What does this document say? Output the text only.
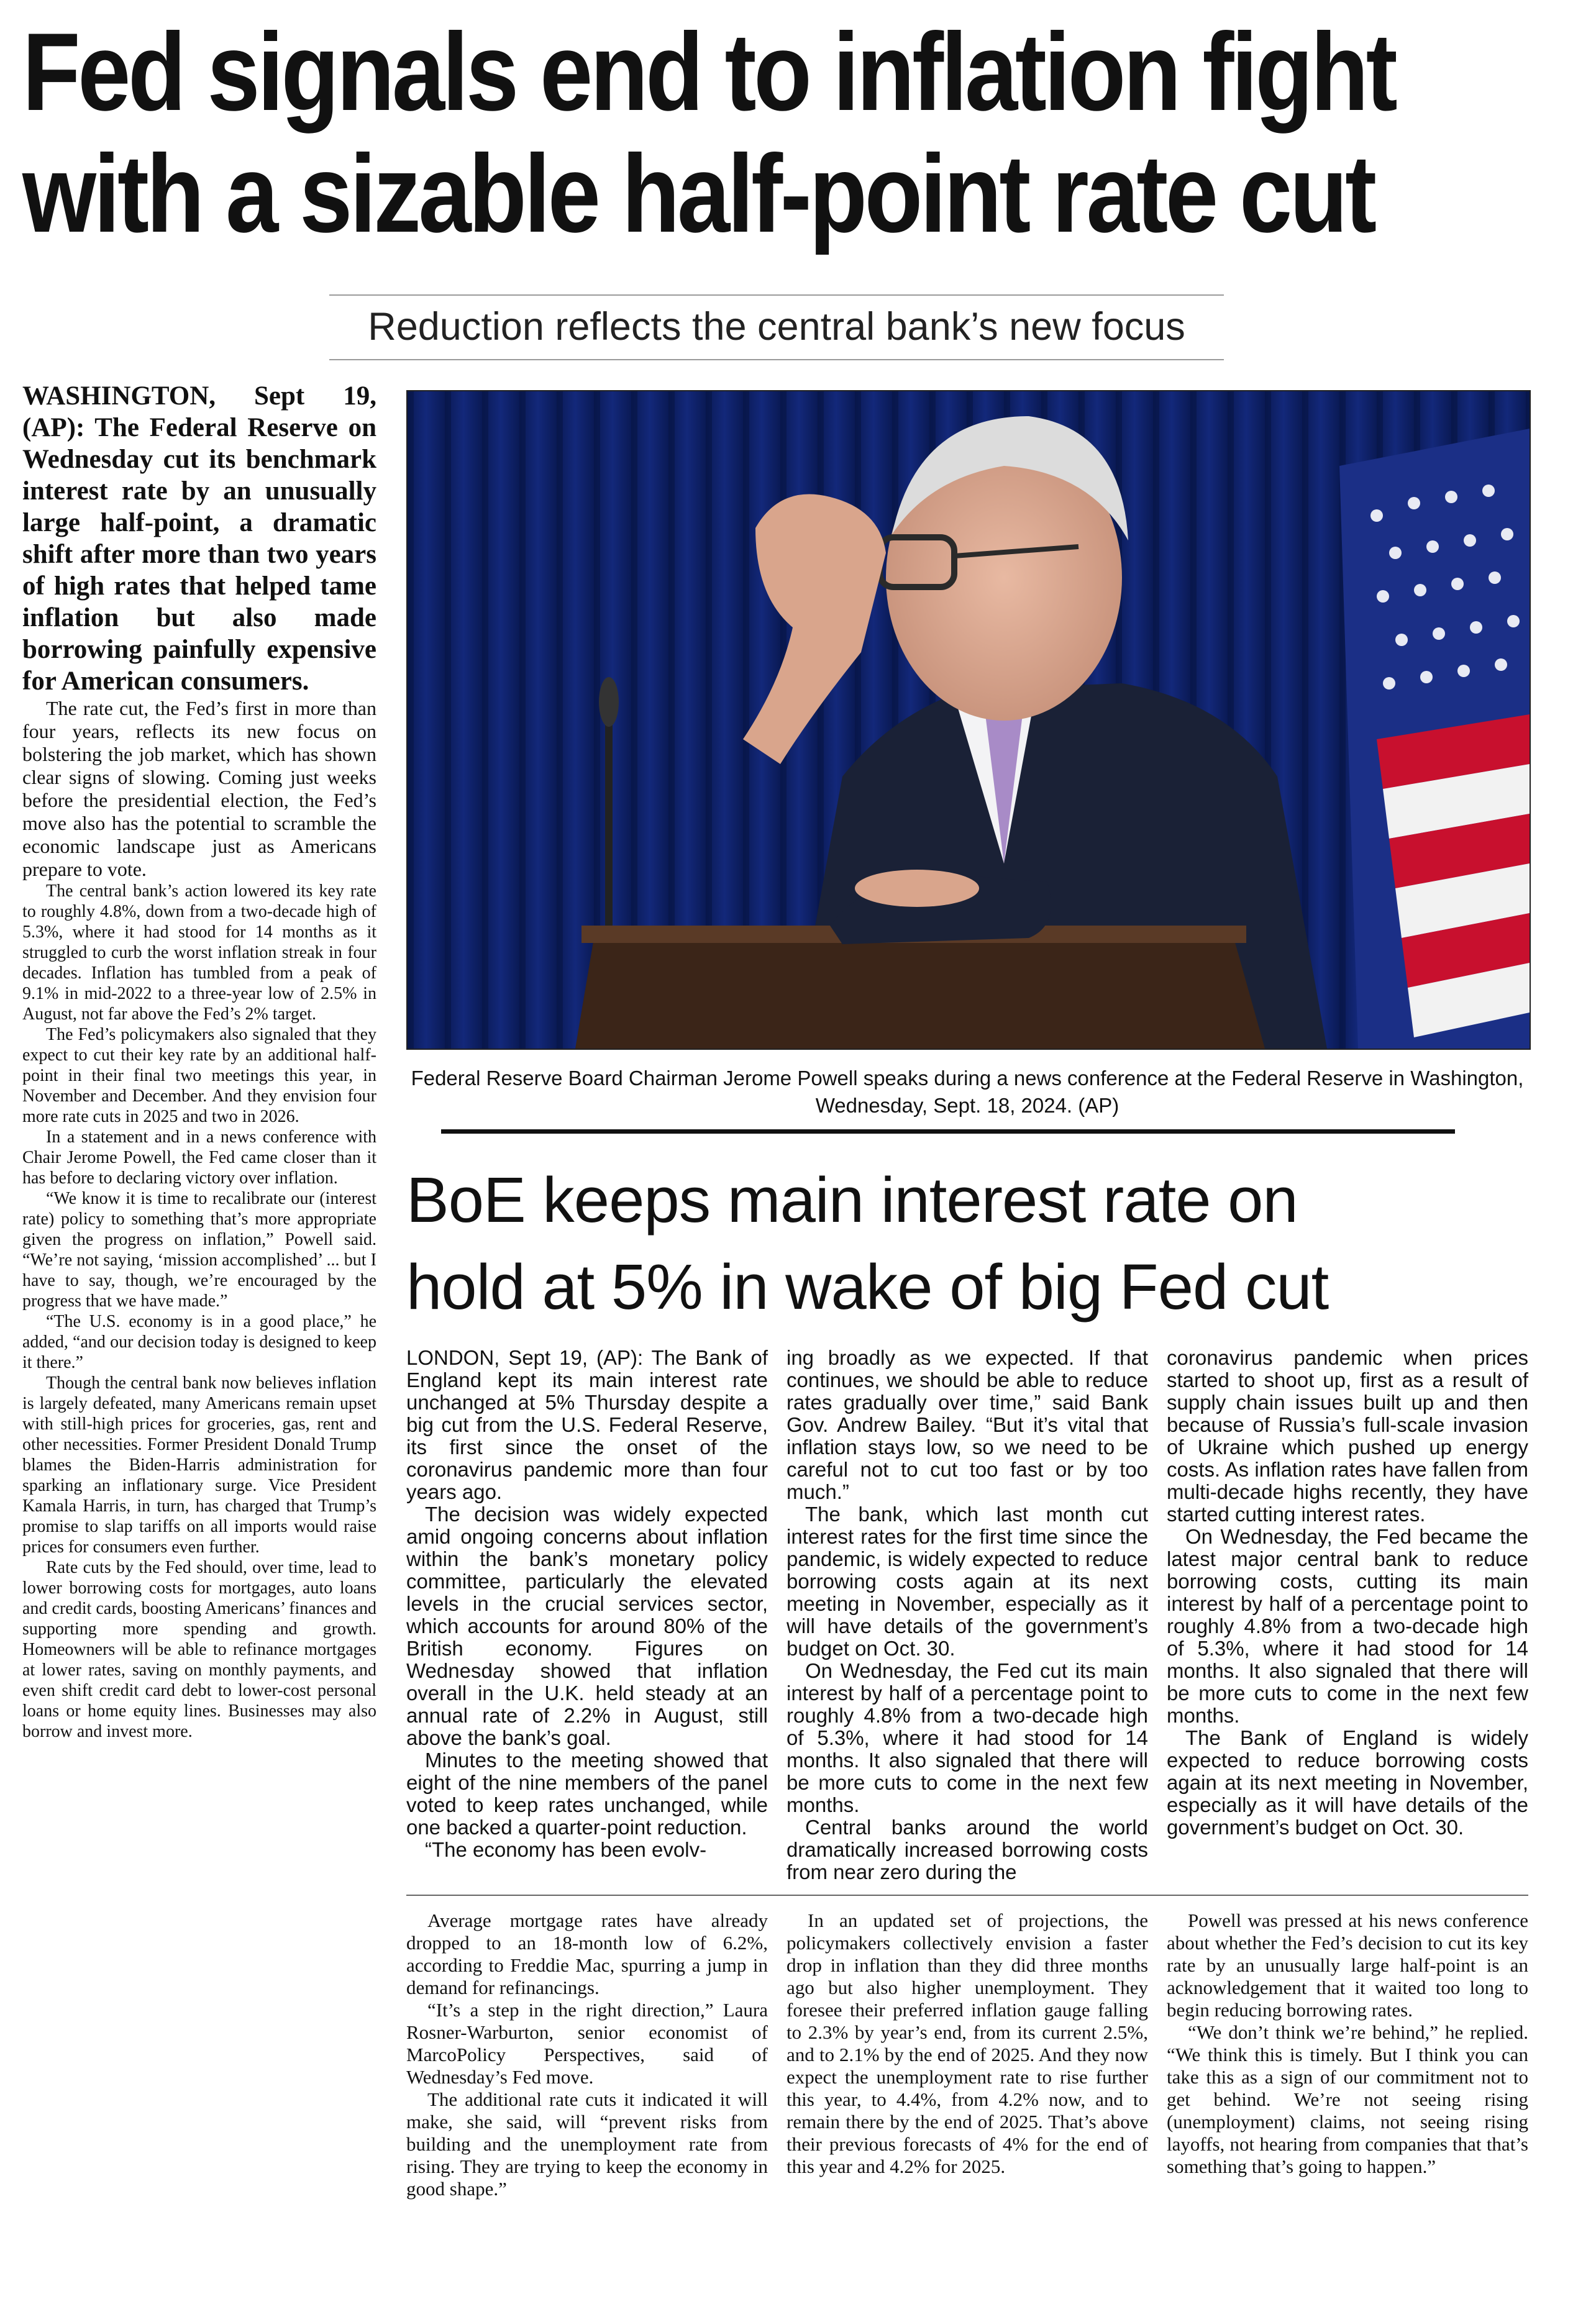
Fed signals end to inflation fight
with a sizable half-point rate cut

Reduction reflects the central bank’s new focus

WASHINGTON, Sept 19, (AP): The Federal Reserve on Wednesday cut its benchmark interest rate by an unusually large half-point, a dramatic shift after more than two years of high rates that helped tame inflation but also made borrowing painfully expensive for American consumers.

The rate cut, the Fed’s first in more than four years, reflects its new focus on bolstering the job market, which has shown clear signs of slowing. Coming just weeks before the presidential election, the Fed’s move also has the potential to scramble the economic landscape just as Americans prepare to vote.

The central bank’s action lowered its key rate to roughly 4.8%, down from a two-decade high of 5.3%, where it had stood for 14 months as it struggled to curb the worst inflation streak in four decades. Inflation has tumbled from a peak of 9.1% in mid-2022 to a three-year low of 2.5% in August, not far above the Fed’s 2% target.

The Fed’s policymakers also signaled that they expect to cut their key rate by an additional half-point in their final two meetings this year, in November and December. And they envision four more rate cuts in 2025 and two in 2026.

In a statement and in a news conference with Chair Jerome Powell, the Fed came closer than it has before to declaring victory over inflation.

“We know it is time to recalibrate our (interest rate) policy to something that’s more appropriate given the progress on inflation,” Powell said. “We’re not saying, ‘mission accomplished’ ... but I have to say, though, we’re encouraged by the progress that we have made.”

“The U.S. economy is in a good place,” he added, “and our decision today is designed to keep it there.”

Though the central bank now believes inflation is largely defeated, many Americans remain upset with still-high prices for groceries, gas, rent and other necessities. Former President Donald Trump blames the Biden-Harris administration for sparking an inflationary surge. Vice President Kamala Harris, in turn, has charged that Trump’s promise to slap tariffs on all imports would raise prices for consumers even further.

Rate cuts by the Fed should, over time, lead to lower borrowing costs for mortgages, auto loans and credit cards, boosting Americans’ finances and supporting more spending and growth. Homeowners will be able to refinance mortgages at lower rates, saving on monthly payments, and even shift credit card debt to lower-cost personal loans or home equity lines. Businesses may also borrow and invest more.

Federal Reserve Board Chairman Jerome Powell speaks during a news conference at the Federal Reserve in Washington, Wednesday, Sept. 18, 2024. (AP)

BoE keeps main interest rate on
hold at 5% in wake of big Fed cut

LONDON, Sept 19, (AP): The Bank of England kept its main interest rate unchanged at 5% Thursday despite a big cut from the U.S. Federal Reserve, its first since the onset of the coronavirus pandemic more than four years ago.

The decision was widely expected amid ongoing concerns about inflation within the bank’s monetary policy committee, particularly the elevated levels in the crucial services sector, which accounts for around 80% of the British economy. Figures on Wednesday showed that inflation overall in the U.K. held steady at an annual rate of 2.2% in August, still above the bank’s goal.

Minutes to the meeting showed that eight of the nine members of the panel voted to keep rates unchanged, while one backed a quarter-point reduction.

“The economy has been evolv-

ing broadly as we expected. If that continues, we should be able to reduce rates gradually over time,” said Bank Gov. Andrew Bailey. “But it’s vital that inflation stays low, so we need to be careful not to cut too fast or by too much.”

The bank, which last month cut interest rates for the first time since the pandemic, is widely expected to reduce borrowing costs again at its next meeting in November, especially as it will have details of the government’s budget on Oct. 30.

On Wednesday, the Fed cut its main interest by half of a percentage point to roughly 4.8% from a two-decade high of 5.3%, where it had stood for 14 months. It also signaled that there will be more cuts to come in the next few months.

Central banks around the world dramatically increased borrowing costs from near zero during the

coronavirus pandemic when prices started to shoot up, first as a result of supply chain issues built up and then because of Russia’s full-scale invasion of Ukraine which pushed up energy costs. As inflation rates have fallen from multi-decade highs recently, they have started cutting interest rates.

On Wednesday, the Fed became the latest major central bank to reduce borrowing costs, cutting its main interest by half of a percentage point to roughly 4.8% from a two-decade high of 5.3%, where it had stood for 14 months. It also signaled that there will be more cuts to come in the next few months.

The Bank of England is widely expected to reduce borrowing costs again at its next meeting in November, especially as it will have details of the government’s budget on Oct. 30.

Average mortgage rates have already dropped to an 18-month low of 6.2%, according to Freddie Mac, spurring a jump in demand for refinancings.

“It’s a step in the right direction,” Laura Rosner-Warburton, senior economist of MarcoPolicy Perspectives, said of Wednesday’s Fed move.

The additional rate cuts it indicated it will make, she said, will “prevent risks from building and the unemployment rate from rising. They are trying to keep the economy in good shape.”

In an updated set of projections, the policymakers collectively envision a faster drop in inflation than they did three months ago but also higher unemployment. They foresee their preferred inflation gauge falling to 2.3% by year’s end, from its current 2.5%, and to 2.1% by the end of 2025. And they now expect the unemployment rate to rise further this year, to 4.4%, from 4.2% now, and to remain there by the end of 2025. That’s above their previous forecasts of 4% for the end of this year and 4.2% for 2025.

Powell was pressed at his news conference about whether the Fed’s decision to cut its key rate by an unusually large half-point is an acknowledgement that it waited too long to begin reducing borrowing rates.

“We don’t think we’re behind,” he replied. “We think this is timely. But I think you can take this as a sign of our commitment not to get behind. We’re not seeing rising (unemployment) claims, not seeing rising layoffs, not hearing from companies that that’s something that’s going to happen.”
